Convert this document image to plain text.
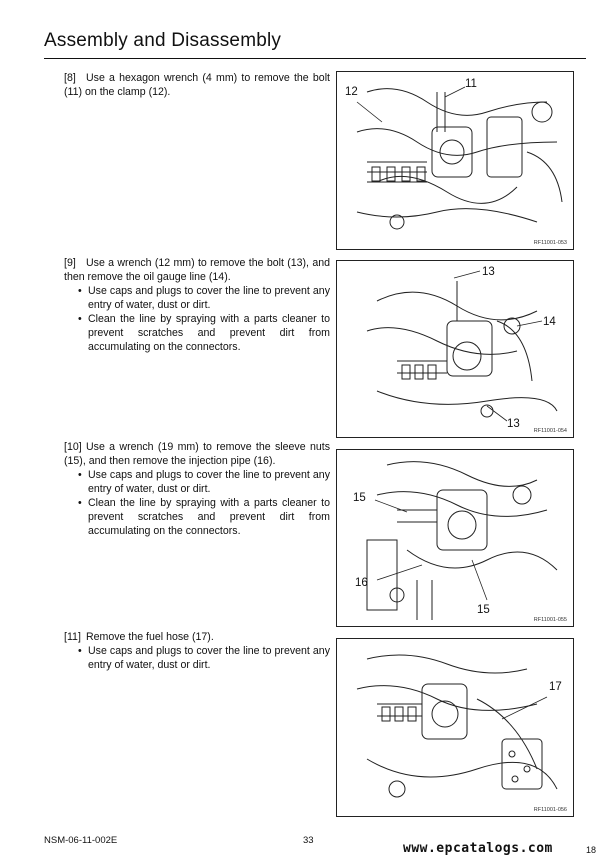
Assembly and Disassembly

[8] Use a hexagon wrench (4 mm) to remove the bolt (11) on the clamp (12).	12
11
RF11001-053

[9] Use a wrench (12 mm) to remove the bolt (13), and then remove the oil gauge line (14).

• Use caps and plugs to cover the line to prevent any entry of water, dust or dirt.
• Clean the line by spraying with a parts cleaner to prevent scratches and prevent dirt from accumulating on the connectors.
13
14
13
RF11001-054

[10] Use a wrench (19 mm) to remove the sleeve nuts (15), and then remove the injection pipe (16).

• Use caps and plugs to cover the line to prevent any entry of water, dust or dirt.
• Clean the line by spraying with a parts cleaner to prevent scratches and prevent dirt from accumulating on the connectors.
15
16
15
RF11001-055

[11] Remove the fuel hose (17).

• Use caps and plugs to cover the line to prevent any entry of water, dust or dirt.
17
RF11001-056
NSM-06-11-002E	33
18
www.epcatalogs.com
